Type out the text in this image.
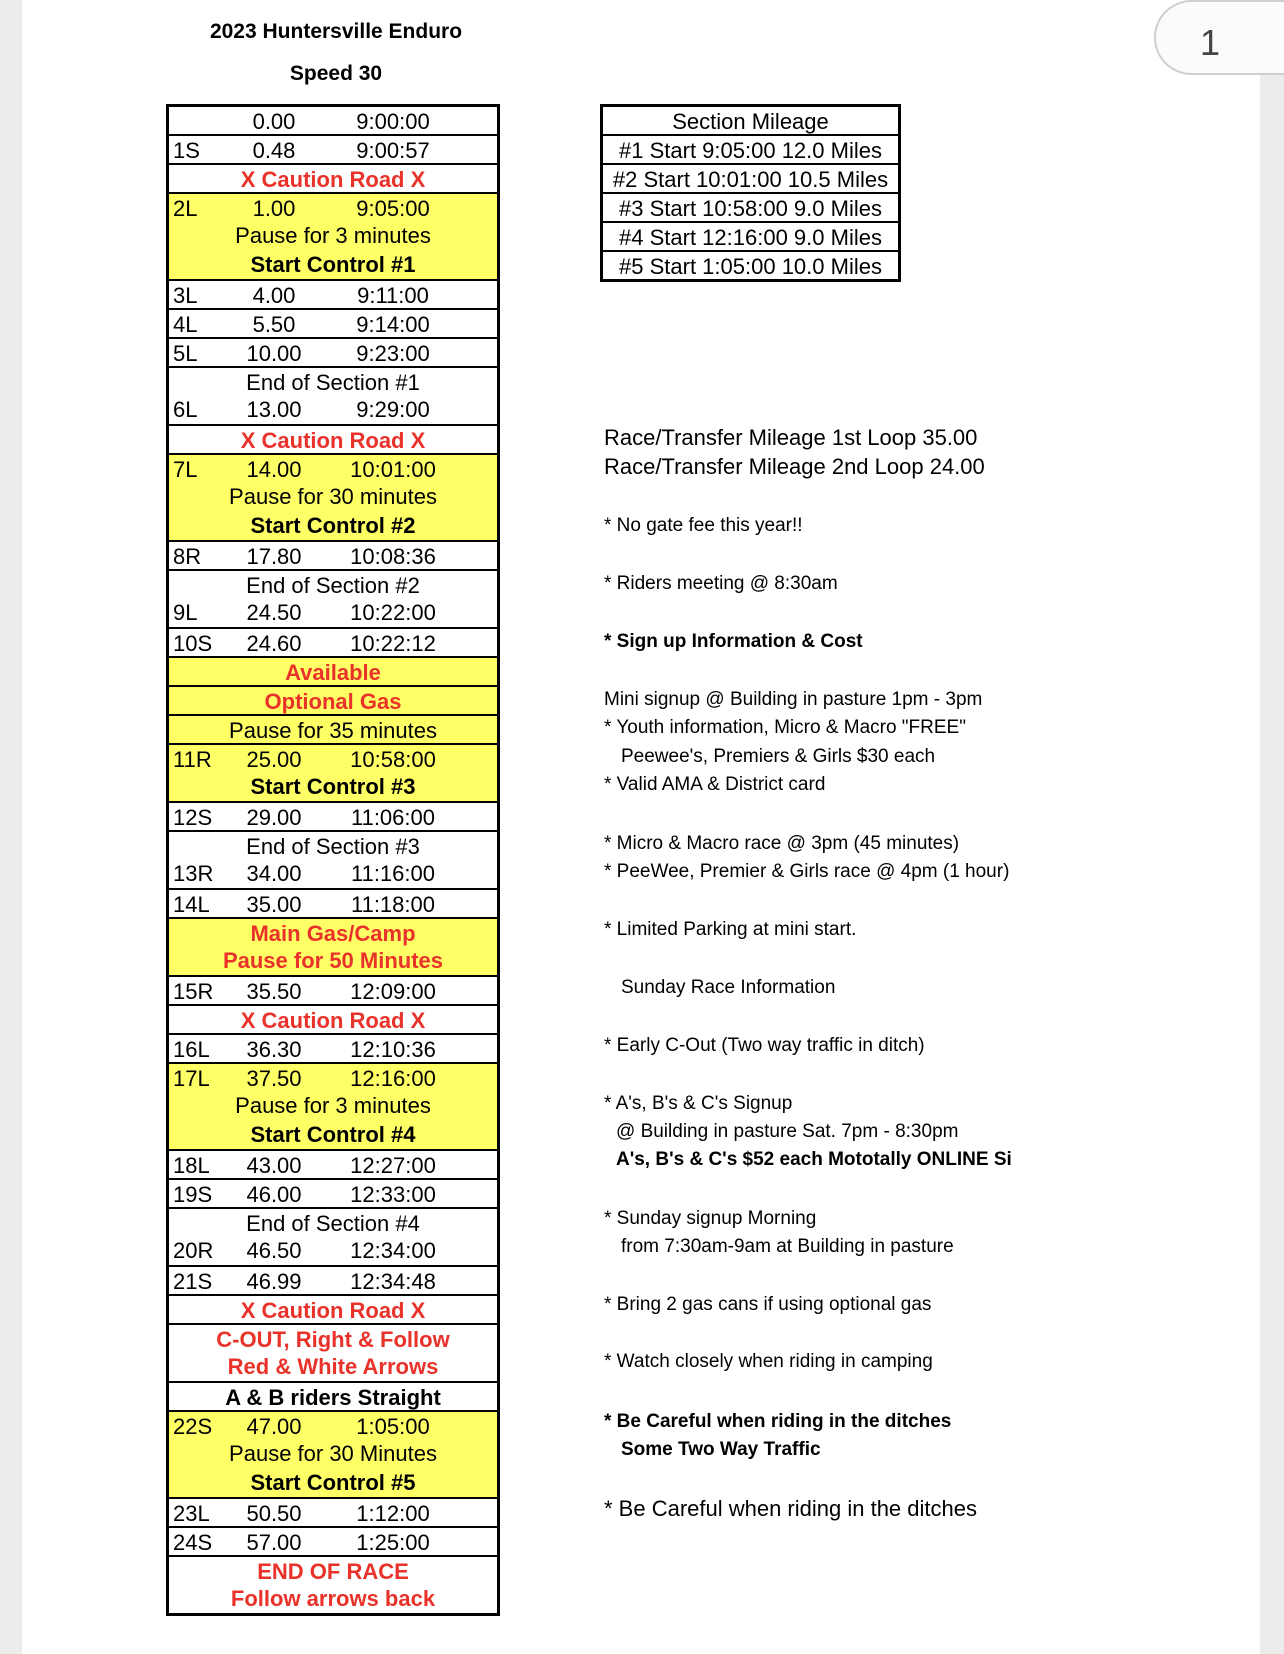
1
2023 Huntersville Enduro
Speed 30
0.00	9:00:00
1S	0.48	9:00:57
X Caution Road X
2L	1.00	9:05:00
Pause for 3 minutes
Start Control #1
3L	4.00	9:11:00
4L	5.50	9:14:00
5L	10.00	9:23:00
End of Section #1
6L	13.00	9:29:00
X Caution Road X
7L	14.00	10:01:00
Pause for 30 minutes
Start Control #2
8R	17.80	10:08:36
End of Section #2
9L	24.50	10:22:00
10S	24.60	10:22:12
Available
Optional Gas
Pause for 35 minutes
11R	25.00	10:58:00
Start Control #3
12S	29.00	11:06:00
End of Section #3
13R	34.00	11:16:00
14L	35.00	11:18:00
Main Gas/Camp
Pause for 50 Minutes
15R	35.50	12:09:00
X Caution Road X
16L	36.30	12:10:36
17L	37.50	12:16:00
Pause for 3 minutes
Start Control #4
18L	43.00	12:27:00
19S	46.00	12:33:00
End of Section #4
20R	46.50	12:34:00
21S	46.99	12:34:48
X Caution Road X
C-OUT, Right & Follow
Red & White Arrows
A & B riders Straight
22S	47.00	1:05:00
Pause for 30 Minutes
Start Control #5
23L	50.50	1:12:00
24S	57.00	1:25:00
END OF RACE
Follow arrows back
Section Mileage
#1 Start 9:05:00 12.0 Miles
#2 Start 10:01:00 10.5 Miles
#3 Start 10:58:00 9.0 Miles
#4 Start 12:16:00 9.0 Miles
#5 Start 1:05:00 10.0 Miles
Race/Transfer Mileage 1st Loop 35.00
Race/Transfer Mileage 2nd Loop 24.00
* No gate fee this year!!
* Riders meeting @ 8:30am
* Sign up Information & Cost
Mini signup @ Building in pasture 1pm - 3pm
* Youth information, Micro & Macro "FREE"
Peewee's, Premiers & Girls $30 each
* Valid AMA & District card
* Micro & Macro race @ 3pm (45 minutes)
* PeeWee, Premier & Girls race @ 4pm (1 hour)
* Limited Parking at mini start.
Sunday Race Information
* Early C-Out (Two way traffic in ditch)
* A's, B's & C's Signup
@ Building in pasture Sat. 7pm - 8:30pm
A's, B's & C's $52 each Mototally ONLINE Si
* Sunday signup Morning
from 7:30am-9am at Building in pasture
* Bring 2 gas cans if using optional gas
* Watch closely when riding in camping
* Be Careful when riding in the ditches
Some Two Way Traffic
* Be Careful when riding in the ditches
